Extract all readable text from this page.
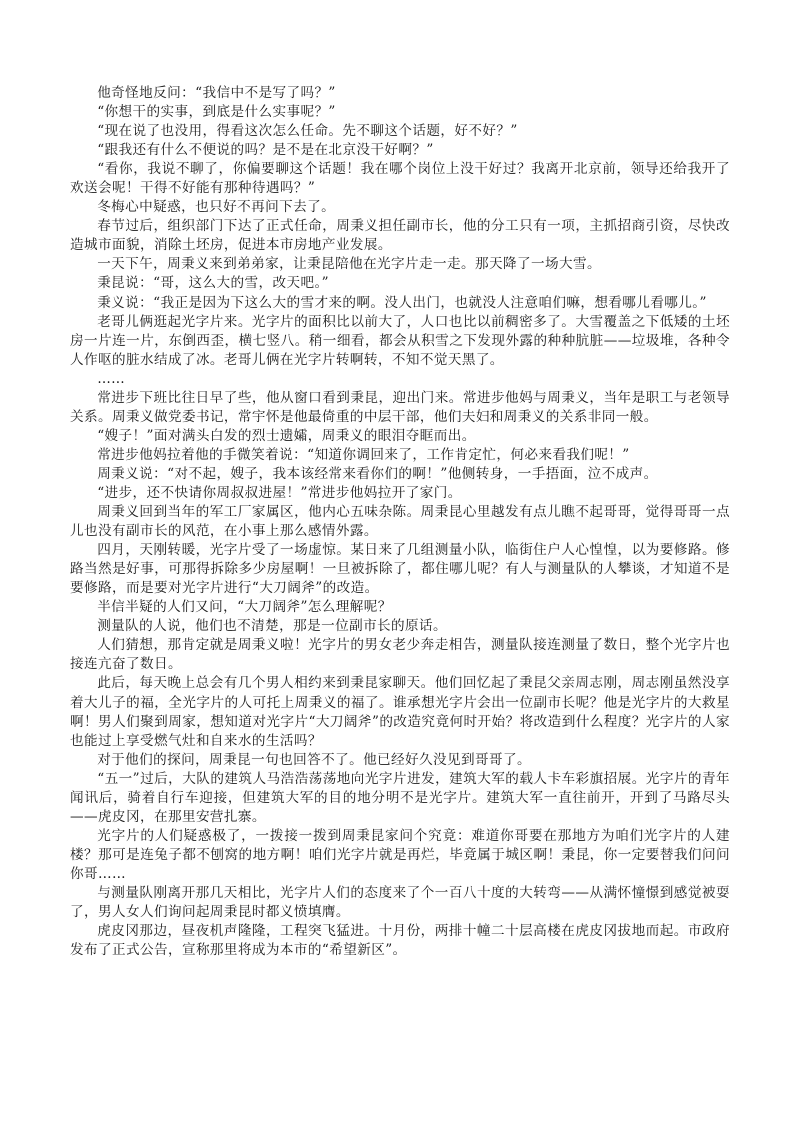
他奇怪地反问：“我信中不是写了吗？”

“你想干的实事，到底是什么实事呢？”

“现在说了也没用，得看这次怎么任命。先不聊这个话题，好不好？”

“跟我还有什么不便说的吗？是不是在北京没干好啊？”

“看你，我说不聊了，你偏要聊这个话题！我在哪个岗位上没干好过？我离开北京前，领导还给我开了欢送会呢！干得不好能有那种待遇吗？”

冬梅心中疑惑，也只好不再问下去了。

春节过后，组织部门下达了正式任命，周秉义担任副市长，他的分工只有一项，主抓招商引资，尽快改造城市面貌，消除土坯房，促进本市房地产业发展。

一天下午，周秉义来到弟弟家，让秉昆陪他在光字片走一走。那天降了一场大雪。

秉昆说：“哥，这么大的雪，改天吧。”

秉义说：“我正是因为下这么大的雪才来的啊。没人出门，也就没人注意咱们嘛，想看哪儿看哪儿。”

老哥儿俩逛起光字片来。光字片的面积比以前大了，人口也比以前稠密多了。大雪覆盖之下低矮的土坯房一片连一片，东倒西歪，横七竖八。稍一细看，都会从积雪之下发现外露的种种肮脏——垃圾堆，各种令人作呕的脏水结成了冰。老哥儿俩在光字片转啊转，不知不觉天黑了。

……

常进步下班比往日早了些，他从窗口看到秉昆，迎出门来。常进步他妈与周秉义，当年是职工与老领导关系。周秉义做党委书记，常宇怀是他最倚重的中层干部，他们夫妇和周秉义的关系非同一般。

“嫂子！”面对满头白发的烈士遗孀，周秉义的眼泪夺眶而出。

常进步他妈拉着他的手微笑着说：“知道你调回来了，工作肯定忙，何必来看我们呢！”

周秉义说：“对不起，嫂子，我本该经常来看你们的啊！”他侧转身，一手捂面，泣不成声。

“进步，还不快请你周叔叔进屋！”常进步他妈拉开了家门。

周秉义回到当年的军工厂家属区，他内心五味杂陈。周秉昆心里越发有点儿瞧不起哥哥，觉得哥哥一点儿也没有副市长的风范，在小事上那么感情外露。

四月，天刚转暖，光字片受了一场虚惊。某日来了几组测量小队，临街住户人心惶惶，以为要修路。修路当然是好事，可那得拆除多少房屋啊！一旦被拆除了，都住哪儿呢？有人与测量队的人攀谈，才知道不是要修路，而是要对光字片进行“大刀阔斧”的改造。

半信半疑的人们又问，“大刀阔斧”怎么理解呢？

测量队的人说，他们也不清楚，那是一位副市长的原话。

人们猜想，那肯定就是周秉义啦！光字片的男女老少奔走相告，测量队接连测量了数日，整个光字片也接连亢奋了数日。

此后，每天晚上总会有几个男人相约来到秉昆家聊天。他们回忆起了秉昆父亲周志刚，周志刚虽然没享着大儿子的福，全光字片的人可托上周秉义的福了。谁承想光字片会出一位副市长呢？他是光字片的大救星啊！男人们聚到周家，想知道对光字片“大刀阔斧”的改造究竟何时开始？将改造到什么程度？光字片的人家也能过上享受燃气灶和自来水的生活吗？

对于他们的探问，周秉昆一句也回答不了。他已经好久没见到哥哥了。

“五一”过后，大队的建筑人马浩浩荡荡地向光字片进发，建筑大军的载人卡车彩旗招展。光字片的青年闻讯后，骑着自行车迎接，但建筑大军的目的地分明不是光字片。建筑大军一直往前开，开到了马路尽头——虎皮冈，在那里安营扎寨。

光字片的人们疑惑极了，一拨接一拨到周秉昆家问个究竟：难道你哥要在那地方为咱们光字片的人建楼？那可是连兔子都不刨窝的地方啊！咱们光字片就是再烂，毕竟属于城区啊！秉昆，你一定要替我们问问你哥……

与测量队刚离开那几天相比，光字片人们的态度来了个一百八十度的大转弯——从满怀憧憬到感觉被耍了，男人女人们询问起周秉昆时都义愤填膺。

虎皮冈那边，昼夜机声隆隆，工程突飞猛进。十月份，两排十幢二十层高楼在虎皮冈拔地而起。市政府发布了正式公告，宣称那里将成为本市的“希望新区”。
